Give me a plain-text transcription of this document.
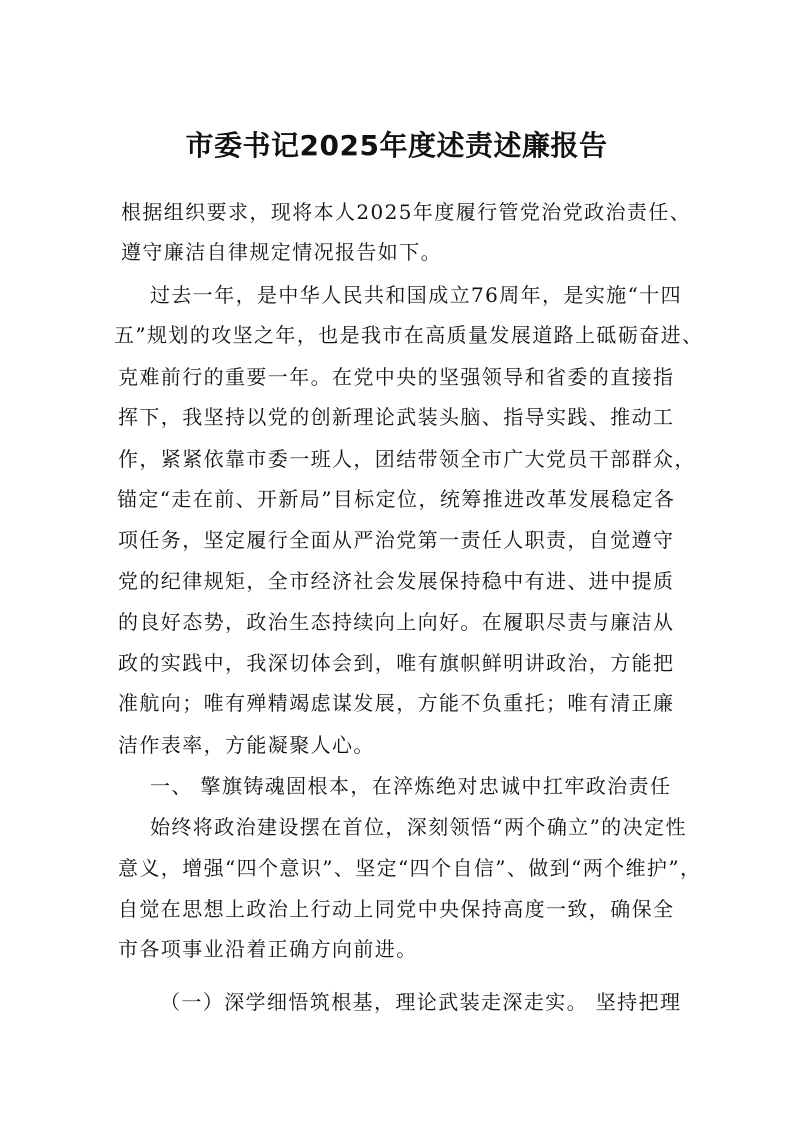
市委书记2025年度述责述廉报告

根据组织要求，现将本人2025年度履行管党治党政治责任、

遵守廉洁自律规定情况报告如下。

过去一年，是中华人民共和国成立76周年，是实施“十四

五”规划的攻坚之年，也是我市在高质量发展道路上砥砺奋进、

克难前行的重要一年。在党中央的坚强领导和省委的直接指

挥下，我坚持以党的创新理论武装头脑、指导实践、推动工

作，紧紧依靠市委一班人，团结带领全市广大党员干部群众，

锚定“走在前、开新局”目标定位，统筹推进改革发展稳定各

项任务，坚定履行全面从严治党第一责任人职责，自觉遵守

党的纪律规矩，全市经济社会发展保持稳中有进、进中提质

的良好态势，政治生态持续向上向好。在履职尽责与廉洁从

政的实践中，我深切体会到，唯有旗帜鲜明讲政治，方能把

准航向；唯有殚精竭虑谋发展，方能不负重托；唯有清正廉

洁作表率，方能凝聚人心。

一、 擎旗铸魂固根本，在淬炼绝对忠诚中扛牢政治责任

始终将政治建设摆在首位，深刻领悟“两个确立”的决定性

意义，增强“四个意识”、坚定“四个自信”、做到“两个维护”，

自觉在思想上政治上行动上同党中央保持高度一致，确保全

市各项事业沿着正确方向前进。

（一）深学细悟筑根基，理论武装走深走实。 坚持把理
